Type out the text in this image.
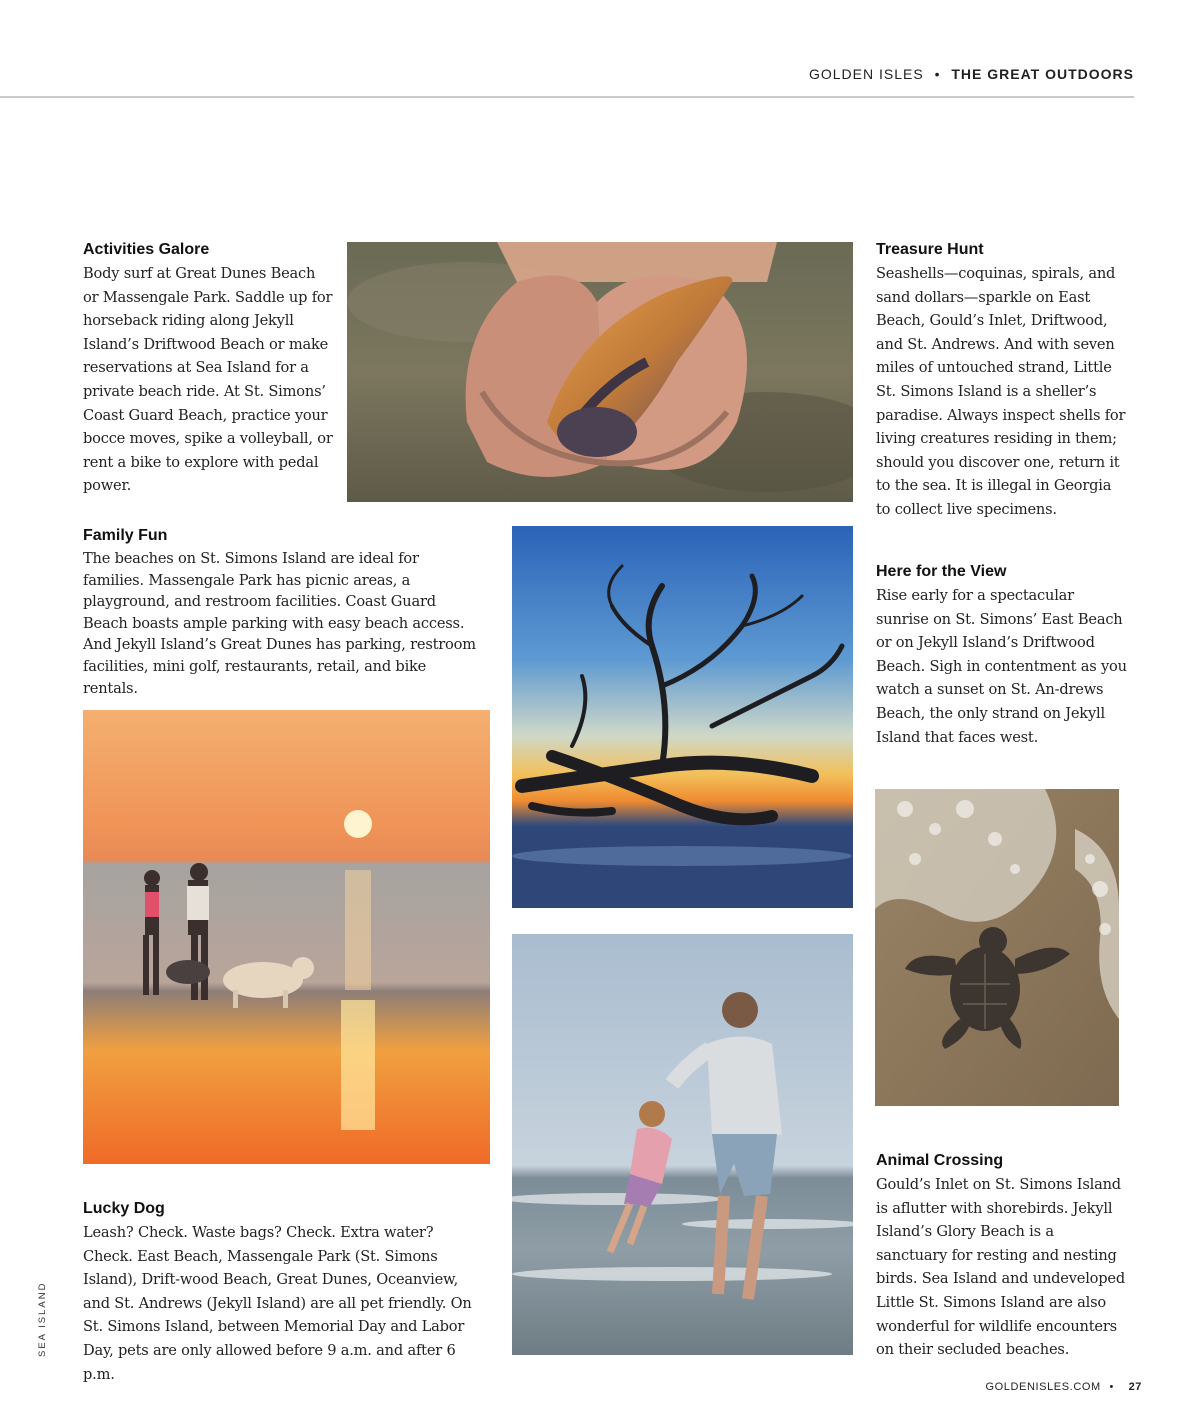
GOLDEN ISLES • THE GREAT OUTDOORS
Activities Galore

Body surf at Great Dunes Beach or Massengale Park. Saddle up for horseback riding along Jekyll Island’s Driftwood Beach or make reservations at Sea Island for a private beach ride. At St. Simons’ Coast Guard Beach, practice your bocce moves, spike a volleyball, or rent a bike to explore with pedal power.

Family Fun

The beaches on St. Simons Island are ideal for families. Massengale Park has picnic areas, a playground, and restroom facilities. Coast Guard Beach boasts ample parking with easy beach access. And Jekyll Island’s Great Dunes has parking, restroom facilities, mini golf, restaurants, retail, and bike rentals.

Lucky Dog

Leash? Check. Waste bags? Check. Extra water? Check. East Beach, Massengale Park (St. Simons Island), Drift-wood Beach, Great Dunes, Oceanview, and St. Andrews (Jekyll Island) are all pet friendly. On St. Simons Island, between Memorial Day and Labor Day, pets are only allowed before 9 a.m. and after 6 p.m.

Treasure Hunt

Seashells—coquinas, spirals, and sand dollars—sparkle on East Beach, Gould’s Inlet, Driftwood, and St. Andrews. And with seven miles of untouched strand, Little St. Simons Island is a sheller’s paradise. Always inspect shells for living creatures residing in them; should you discover one, return it to the sea. It is illegal in Georgia to collect live specimens.

Here for the View

Rise early for a spectacular sunrise on St. Simons’ East Beach or on Jekyll Island’s Driftwood Beach. Sigh in contentment as you watch a sunset on St. An-drews Beach, the only strand on Jekyll Island that faces west.

Animal Crossing

Gould’s Inlet on St. Simons Island is aflutter with shorebirds. Jekyll Island’s Glory Beach is a sanctuary for resting and nesting birds. Sea Island and undeveloped Little St. Simons Island are also wonderful for wildlife encounters on their secluded beaches.

SEA ISLAND
GOLDENISLES.COM • 27
